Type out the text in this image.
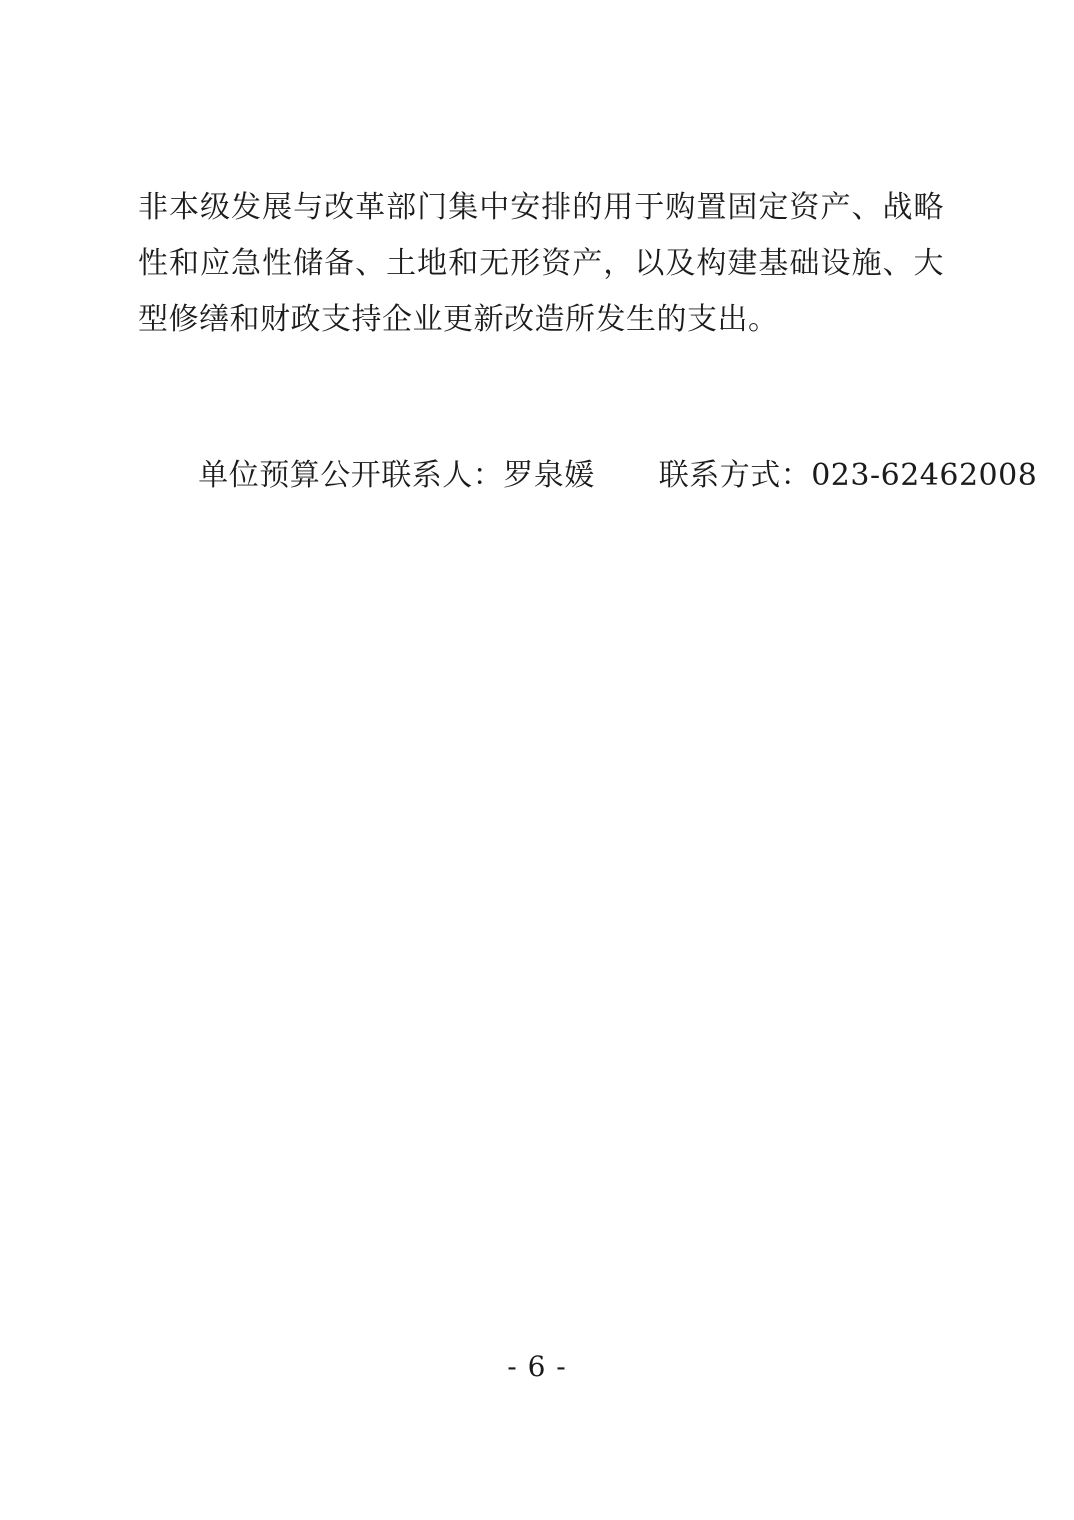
非本级发展与改革部门集中安排的用于购置固定资产、战略性和应急性储备、土地和无形资产，以及构建基础设施、大型修缮和财政支持企业更新改造所发生的支出。

单位预算公开联系人：罗泉媛 联系方式：023-62462008

- 6 -
